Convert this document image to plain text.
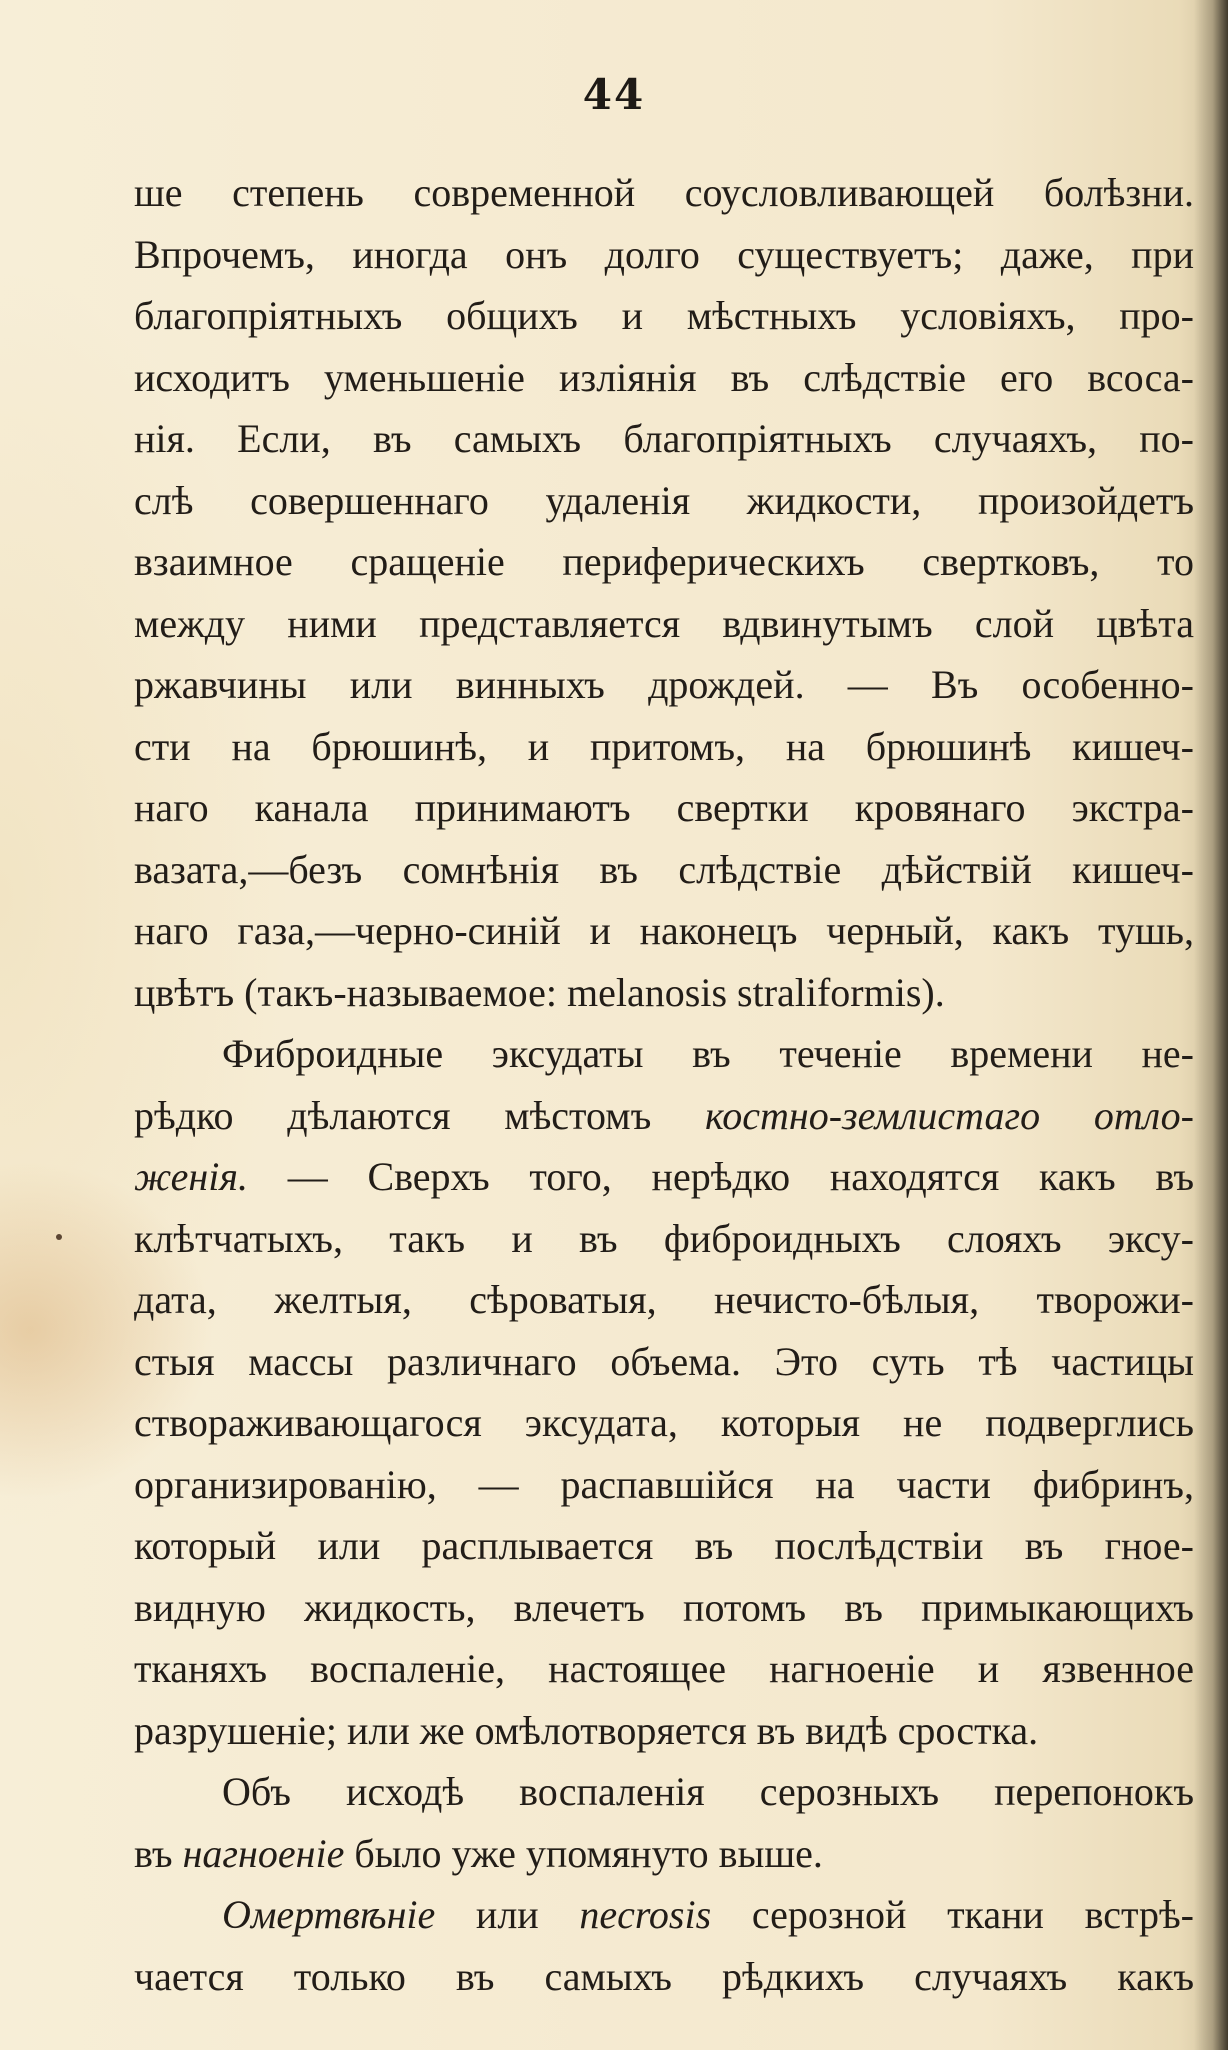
44
ше степень современной соусловливающей болѣзни.
Впрочемъ, иногда онъ долго существуетъ; даже, при
благопріятныхъ общихъ и мѣстныхъ условіяхъ, про-
исходитъ уменьшеніе изліянія въ слѣдствіе его всоса-
нія. Если, въ самыхъ благопріятныхъ случаяхъ, по-
слѣ совершеннаго удаленія жидкости, произойдетъ
взаимное сращеніе периферическихъ свертковъ, то
между ними представляется вдвинутымъ слой цвѣта
ржавчины или винныхъ дрождей. — Въ особенно-
сти на брюшинѣ, и притомъ, на брюшинѣ кишеч-
наго канала принимаютъ свертки кровянаго экстра-
вазата,—безъ сомнѣнія въ слѣдствіе дѣйствій кишеч-
наго газа,—черно-синій и наконецъ черный, какъ тушь,
цвѣтъ (такъ-называемое: melanosis straliformis).
Фиброидные эксудаты въ теченіе времени не-
рѣдко дѣлаются мѣстомъ костно-землистаго отло-
женія. — Сверхъ того, нерѣдко находятся какъ въ
клѣтчатыхъ, такъ и въ фиброидныхъ слояхъ эксу-
дата, желтыя, сѣроватыя, нечисто-бѣлыя, творожи-
стыя массы различнаго объема. Это суть тѣ частицы
створаживающагося эксудата, которыя не подверглись
организированію, — распавшійся на части фибринъ,
который или расплывается въ послѣдствіи въ гное-
видную жидкость, влечетъ потомъ въ примыкающихъ
тканяхъ воспаленіе, настоящее нагноеніе и язвенное
разрушеніе; или же омѣлотворяется въ видѣ сростка.
Объ исходѣ воспаленія серозныхъ перепонокъ
въ нагноеніе было уже упомянуто выше.
Омертвѣніе или necrosis серозной ткани встрѣ-
чается только въ самыхъ рѣдкихъ случаяхъ какъ
